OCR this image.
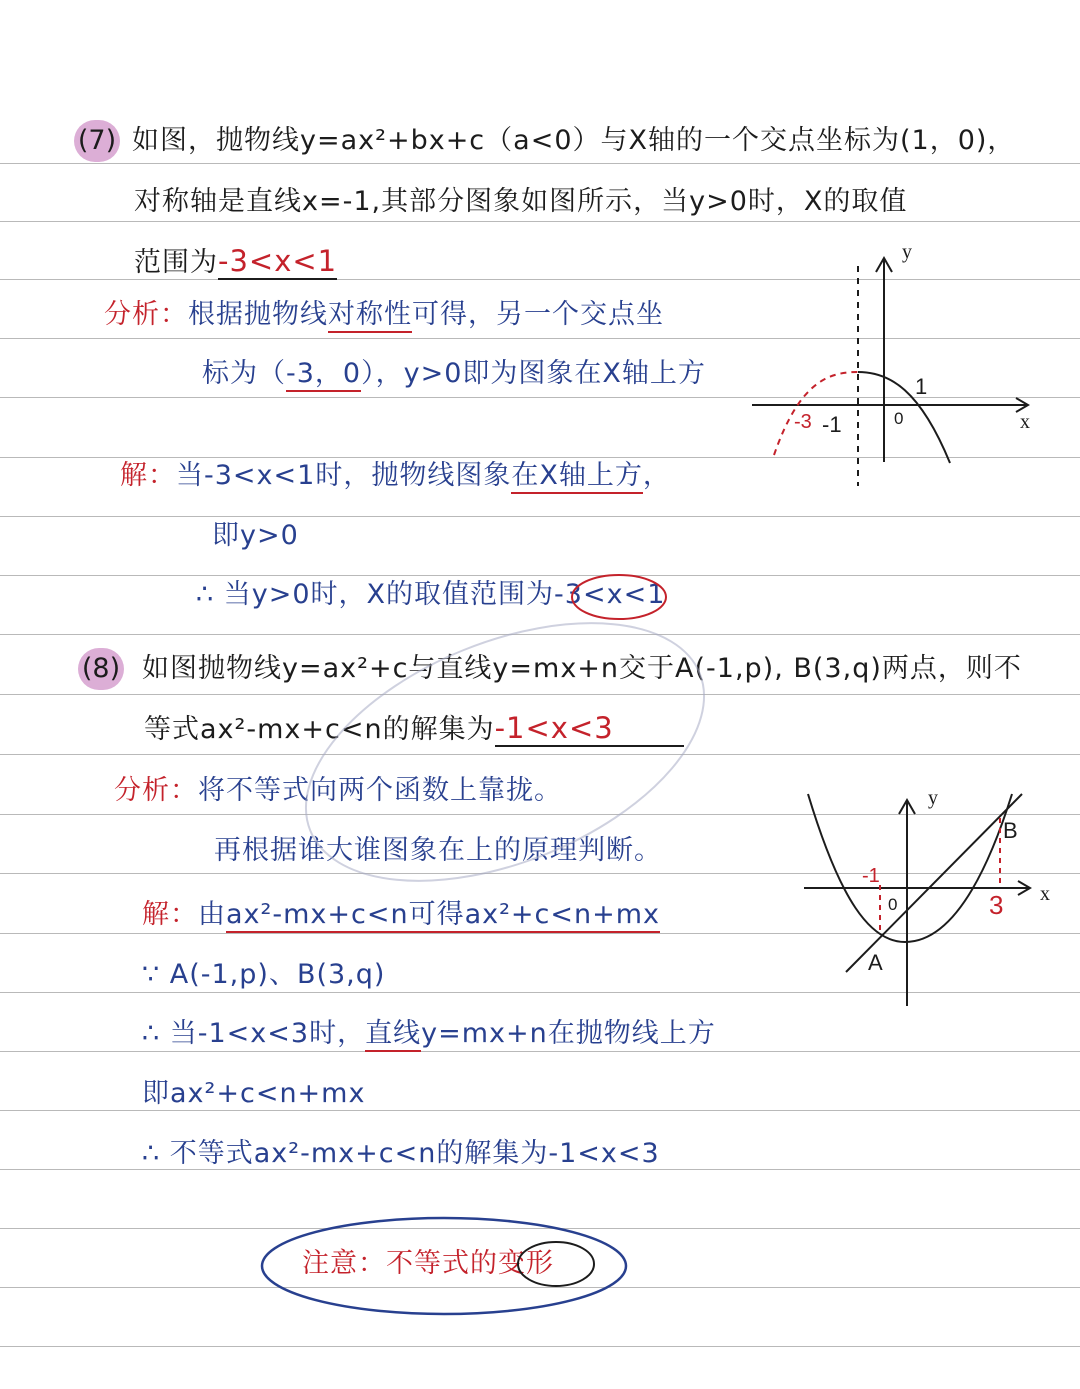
(7) 如图，抛物线y=ax²+bx+c（a<0）与X轴的一个交点坐标为(1，0)，
对称轴是直线x=-1,其部分图象如图所示，当y>0时，X的取值
范围为-3<x<1
分析：根据抛物线对称性可得，另一个交点坐
标为（-3，0），y>0即为图象在X轴上方
解：当-3<x<1时，抛物线图象在X轴上方，
即y>0
∴ 当y>0时，X的取值范围为-3<x<1
(8) 如图抛物线y=ax²+c与直线y=mx+n交于A(-1,p), B(3,q)两点，则不
等式ax²-mx+c<n的解集为-1<x<3
分析：将不等式向两个函数上靠拢。
再根据谁大谁图象在上的原理判断。
解：由ax²-mx+c<n可得ax²+c<n+mx
∵ A(-1,p)、B(3,q)
∴ 当-1<x<3时，直线y=mx+n在抛物线上方
即ax²+c<n+mx
∴ 不等式ax²-mx+c<n的解集为-1<x<3
注意：不等式的变形
x
y
0
-3 -1
1
x
y
0
-1
3
A
B
